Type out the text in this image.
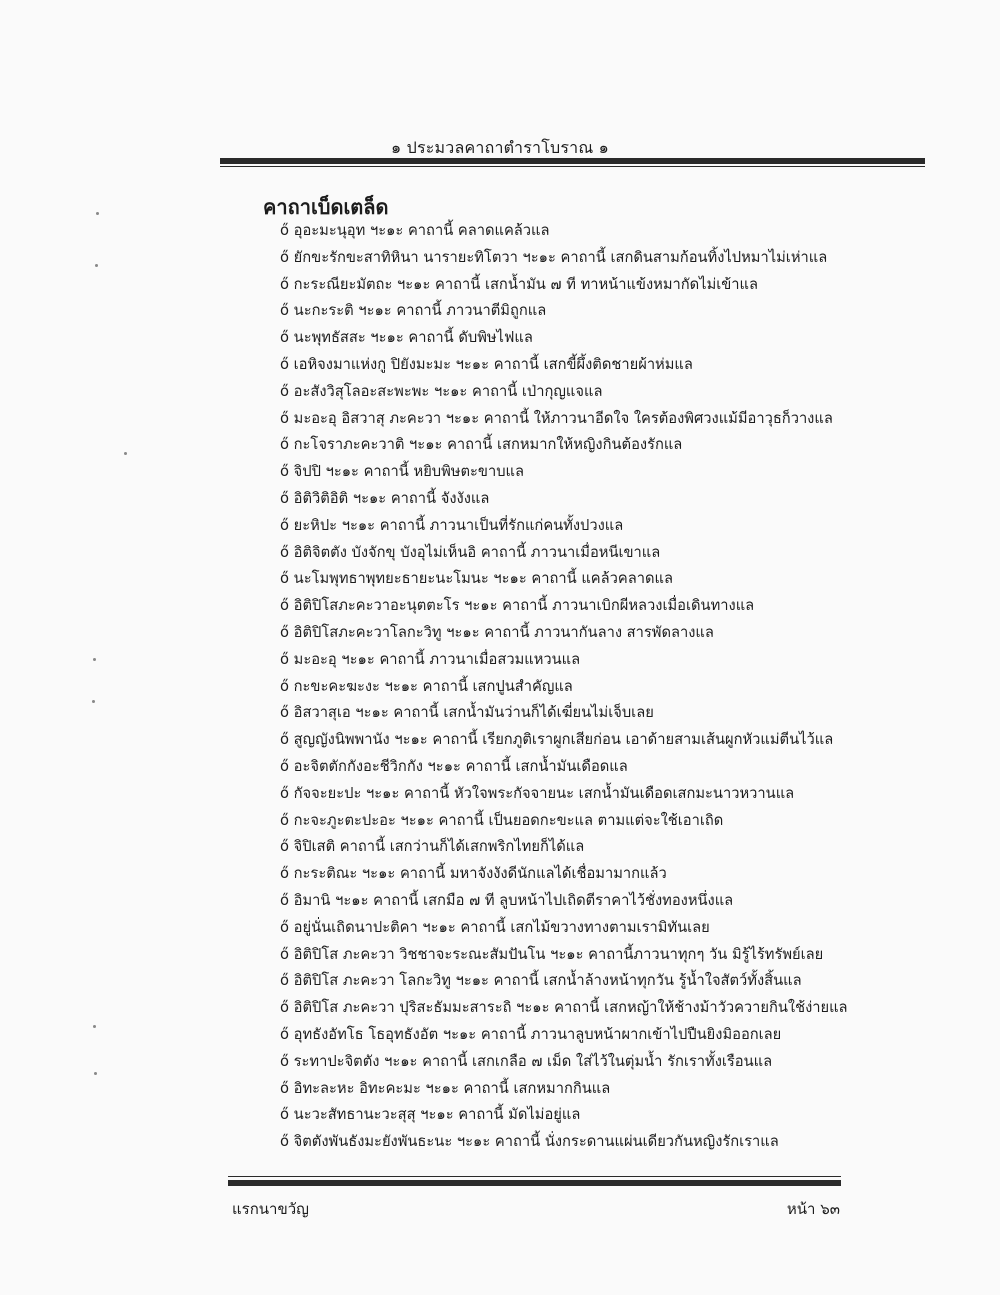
๑ ประมวลคาถาตำราโบราณ ๑
คาถาเบ็ดเตล็ด
ő อุอะมะนุอุท ฯะ๑ะ คาถานี้ คลาดแคล้วแล
ő ยักขะรักขะสาทิหินา นารายะทิโตวา ฯะ๑ะ คาถานี้ เสกดินสามก้อนทิ้งไปหมาไม่เห่าแล
ő กะระณียะมัตถะ ฯะ๑ะ คาถานี้ เสกน้ำมัน ๗ ที ทาหน้าแข้งหมากัดไม่เข้าแล
ő นะกะระติ ฯะ๑ะ คาถานี้ ภาวนาตีมิถูกแล
ő นะพุทธัสสะ ฯะ๑ะ คาถานี้ ดับพิษไฟแล
ő เอหิจงมาแห่งกู ปิยังมะมะ ฯะ๑ะ คาถานี้ เสกขี้ผึ้งติดชายผ้าห่มแล
ő อะสังวิสุโลอะสะพะพะ ฯะ๑ะ คาถานี้ เป่ากุญแจแล
ő มะอะอุ อิสวาสุ ภะคะวา ฯะ๑ะ คาถานี้ ให้ภาวนาอีดใจ ใครต้องพิศวงแม้มีอาวุธก็วางแล
ő กะโจราภะคะวาติ ฯะ๑ะ คาถานี้ เสกหมากให้หญิงกินต้องรักแล
ő จิปปิ ฯะ๑ะ คาถานี้ หยิบพิษตะขาบแล
ő อิติวิติอิติ ฯะ๑ะ คาถานี้ จังงังแล
ő ยะหิปะ ฯะ๑ะ คาถานี้ ภาวนาเป็นที่รักแก่คนทั้งปวงแล
ő อิติจิตตัง บังจักขุ บังอุไม่เห็นอิ คาถานี้ ภาวนาเมื่อหนีเขาแล
ő นะโมพุทธาพุทยะธายะนะโมนะ ฯะ๑ะ คาถานี้ แคล้วคลาดแล
ő อิติปิโสภะคะวาอะนุตตะโร ฯะ๑ะ คาถานี้ ภาวนาเบิกผีหลวงเมื่อเดินทางแล
ő อิติปิโสภะคะวาโลกะวิทู ฯะ๑ะ คาถานี้ ภาวนากันลาง สารพัดลางแล
ő มะอะอุ ฯะ๑ะ คาถานี้ ภาวนาเมื่อสวมแหวนแล
ő กะขะคะฆะงะ ฯะ๑ะ คาถานี้ เสกปูนสำคัญแล
ő อิสวาสุเอ ฯะ๑ะ คาถานี้ เสกน้ำมันว่านก็ได้เฆี่ยนไม่เจ็บเลย
ő สูญญังนิพพานัง ฯะ๑ะ คาถานี้ เรียกภูติเราผูกเสียก่อน เอาด้ายสามเส้นผูกหัวแม่ตีนไว้แล
ő อะจิตตักกังอะชีวิกกัง ฯะ๑ะ คาถานี้ เสกน้ำมันเดือดแล
ő กัจจะยะปะ ฯะ๑ะ คาถานี้ หัวใจพระกัจจายนะ เสกน้ำมันเดือดเสกมะนาวหวานแล
ő กะจะภูะตะปะอะ ฯะ๑ะ คาถานี้ เป็นยอดกะขะแล ตามแต่จะใช้เอาเถิด
ő จิปิเสติ คาถานี้ เสกว่านก็ได้เสกพริกไทยก็ได้แล
ő กะระติณะ ฯะ๑ะ คาถานี้ มหาจังงังดีนักแลได้เชื่อมามากแล้ว
ő อิมานิ ฯะ๑ะ คาถานี้ เสกมือ ๗ ที ลูบหน้าไปเถิดตีราคาไว้ชั่งทองหนึ่งแล
ő อยู่นั่นเถิดนาปะติคา ฯะ๑ะ คาถานี้ เสกไม้ขวางทางตามเรามิทันเลย
ő อิติปิโส ภะคะวา วิชชาจะระณะสัมปันโน ฯะ๑ะ คาถานี้ภาวนาทุกๆ วัน มิรู้ไร้ทรัพย์เลย
ő อิติปิโส ภะคะวา โลกะวิทู ฯะ๑ะ คาถานี้ เสกน้ำล้างหน้าทุกวัน รู้น้ำใจสัตว์ทั้งสิ้นแล
ő อิติปิโส ภะคะวา ปุริสะธัมมะสาระถิ ฯะ๑ะ คาถานี้ เสกหญ้าให้ช้างม้าวัวควายกินใช้ง่ายแล
ő อุทธังอัทโธ โธอุทธังอัต ฯะ๑ะ คาถานี้ ภาวนาลูบหน้าผากเข้าไปปืนยิงมิออกเลย
ő ระทาปะจิตตัง ฯะ๑ะ คาถานี้ เสกเกลือ ๗ เม็ด ใส่ไว้ในตุ่มน้ำ รักเราทั้งเรือนแล
ő อิทะละหะ อิทะคะมะ ฯะ๑ะ คาถานี้ เสกหมากกินแล
ő นะวะสัทธานะวะสุสุ ฯะ๑ะ คาถานี้ มัดไม่อยู่แล
ő จิตตังพันธังมะยังพันธะนะ ฯะ๑ะ คาถานี้ นั่งกระดานแผ่นเดียวกันหญิงรักเราแล
แรกนาขวัญ	หน้า ๖๓
